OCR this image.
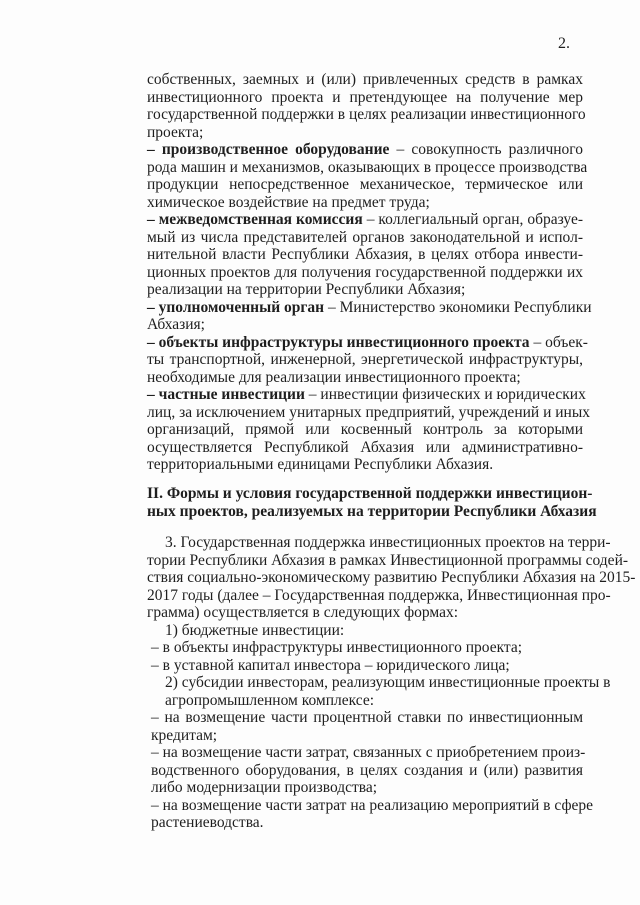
2.
собственных, заемных и (или) привлеченных средств в рамках
инвестиционного проекта и претендующее на получение мер
государственной поддержки в целях реализации инвестиционного
проекта;
– производственное оборудование – совокупность различного
рода машин и механизмов, оказывающих в процессе производства
продукции непосредственное механическое, термическое или
химическое воздействие на предмет труда;
– межведомственная комиссия – коллегиальный орган, образуе-
мый из числа представителей органов законодательной и испол-
нительной власти Республики Абхазия, в целях отбора инвести-
ционных проектов для получения государственной поддержки их
реализации на территории Республики Абхазия;
– уполномоченный орган – Министерство экономики Республики
Абхазия;
– объекты инфраструктуры инвестиционного проекта – объек-
ты транспортной, инженерной, энергетической инфраструктуры,
необходимые для реализации инвестиционного проекта;
– частные инвестиции – инвестиции физических и юридических
лиц, за исключением унитарных предприятий, учреждений и иных
организаций, прямой или косвенный контроль за которыми
осуществляется Республикой Абхазия или административно-
территориальными единицами Республики Абхазия.
II. Формы и условия государственной поддержки инвестицион-
ных проектов, реализуемых на территории Республики Абхазия
3. Государственная поддержка инвестиционных проектов на терри-
тории Республики Абхазия в рамках Инвестиционной программы содей-
ствия социально-экономическому развитию Республики Абхазия на 2015-
2017 годы (далее – Государственная поддержка, Инвестиционная про-
грамма) осуществляется в следующих формах:
1) бюджетные инвестиции:
– в объекты инфраструктуры инвестиционного проекта;
– в уставной капитал инвестора – юридического лица;
2) субсидии инвесторам, реализующим инвестиционные проекты в
агропромышленном комплексе:
– на возмещение части процентной ставки по инвестиционным
кредитам;
– на возмещение части затрат, связанных с приобретением произ-
водственного оборудования, в целях создания и (или) развития
либо модернизации производства;
– на возмещение части затрат на реализацию мероприятий в сфере
растениеводства.
